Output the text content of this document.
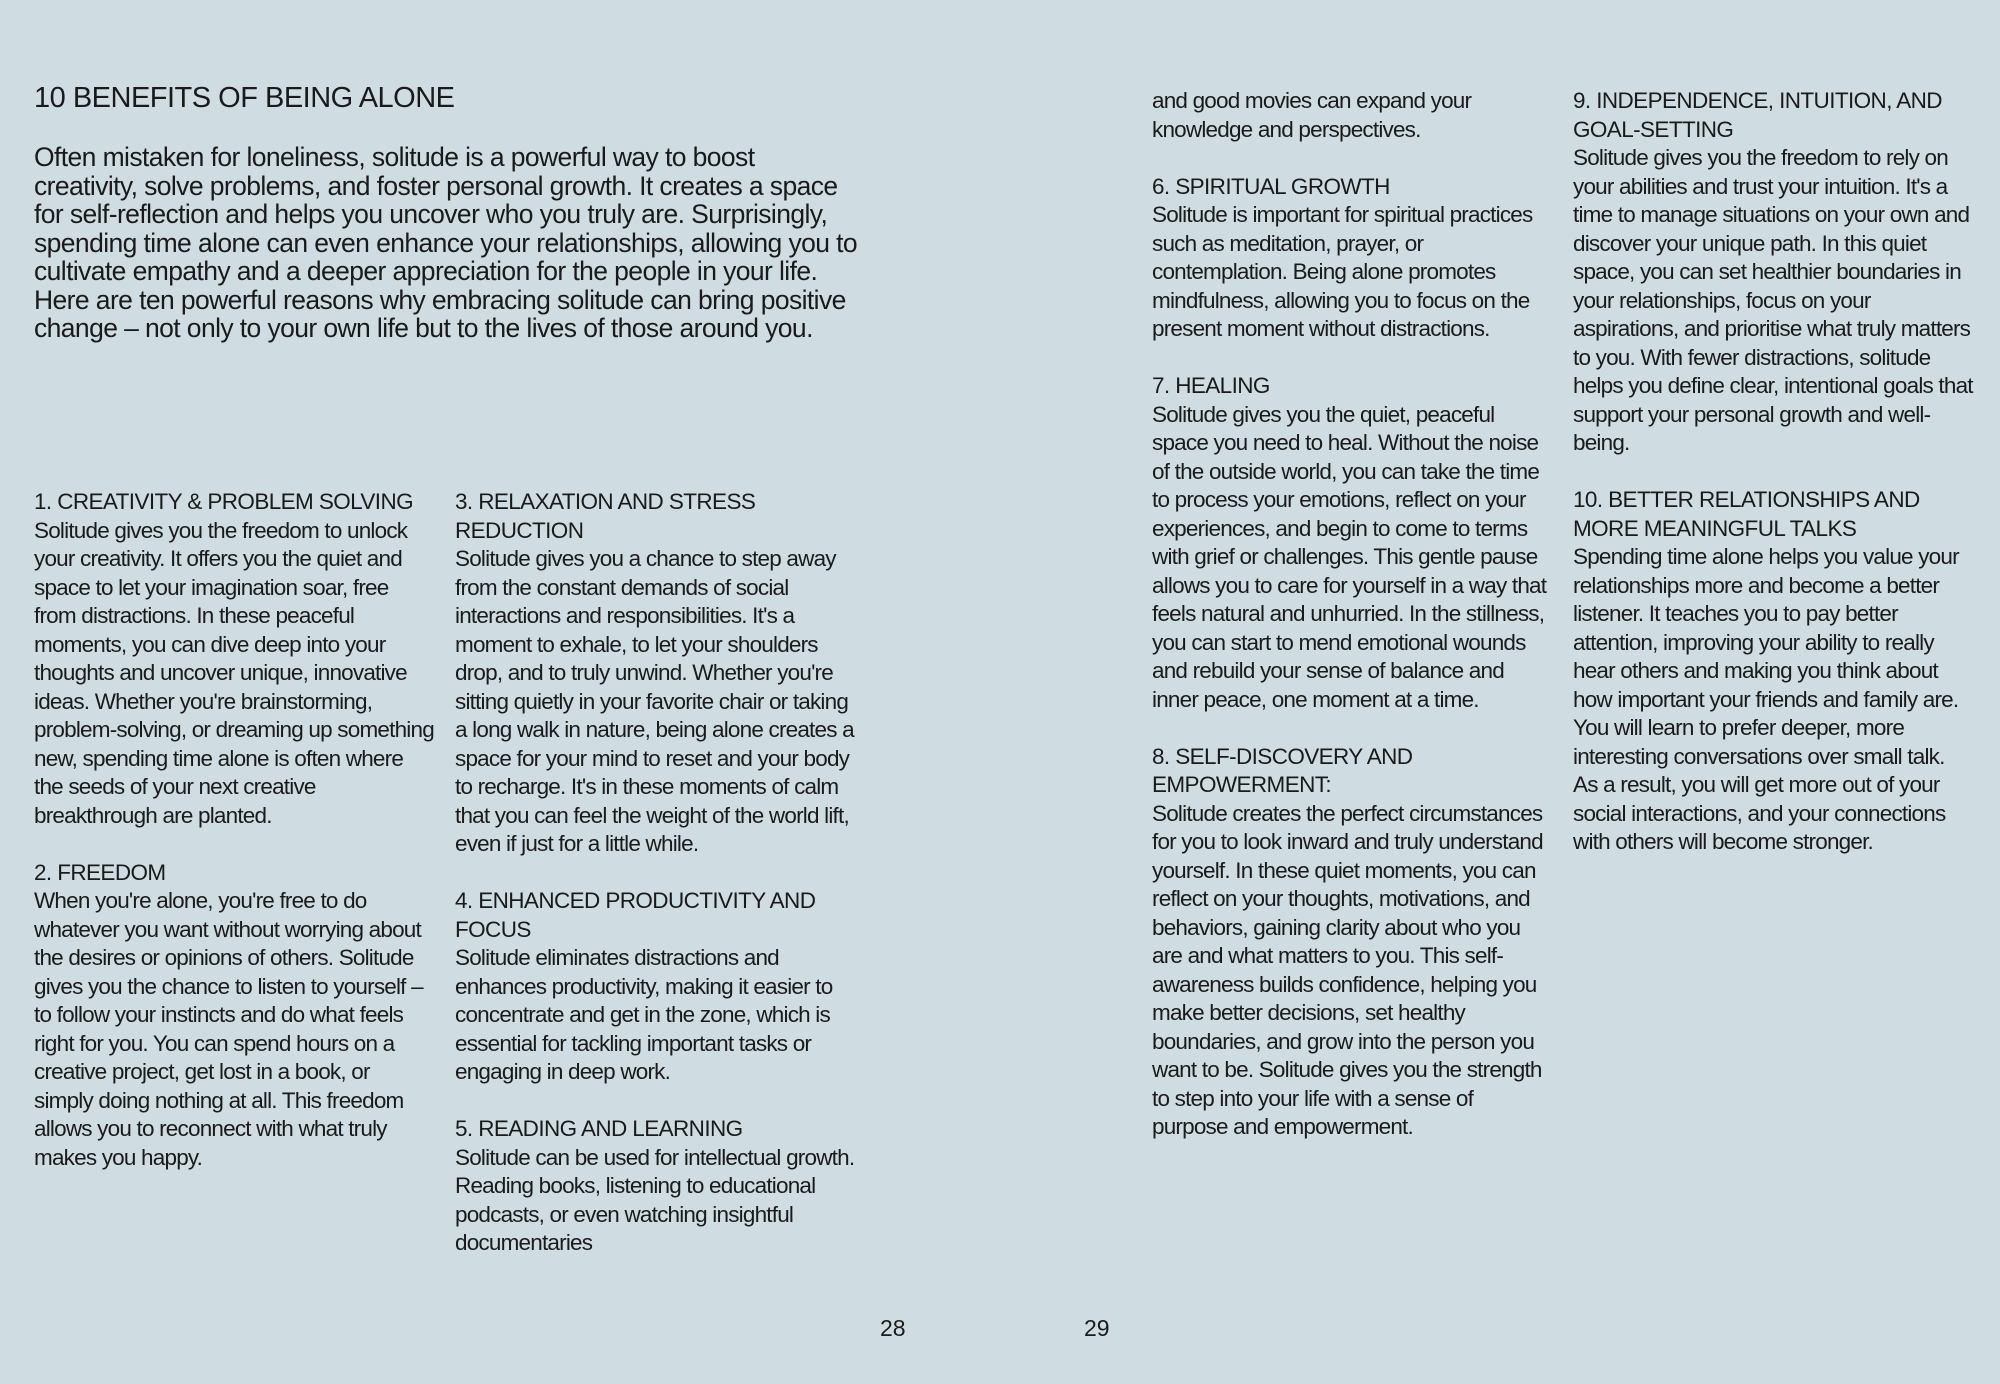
10 BENEFITS OF BEING ALONE

Often mistaken for loneliness, solitude is a powerful way to boost creativity, solve problems, and foster personal growth. It creates a space for self-reflection and helps you uncover who you truly are. Surprisingly, spending time alone can even enhance your relationships, allowing you to cultivate empathy and a deeper appreciation for the people in your life. Here are ten powerful reasons why embracing solitude can bring positive change – not only to your own life but to the lives of those around you.

1. CREATIVITY & PROBLEM SOLVING

Solitude gives you the freedom to unlock your creativity. It offers you the quiet and space to let your imagination soar, free from distractions. In these peaceful moments, you can dive deep into your thoughts and uncover unique, innovative ideas. Whether you're brainstorming, problem-solving, or dreaming up something new, spending time alone is often where the seeds of your next creative breakthrough are planted.

2. FREEDOM

When you're alone, you're free to do whatever you want without worrying about the desires or opinions of others. Solitude gives you the chance to listen to yourself – to follow your instincts and do what feels right for you. You can spend hours on a creative project, get lost in a book, or simply doing nothing at all. This freedom allows you to reconnect with what truly makes you happy.

3. RELAXATION AND STRESS REDUCTION

Solitude gives you a chance to step away from the constant demands of social interactions and responsibilities. It's a moment to exhale, to let your shoulders drop, and to truly unwind. Whether you're sitting quietly in your favorite chair or taking a long walk in nature, being alone creates a space for your mind to reset and your body to recharge. It's in these moments of calm that you can feel the weight of the world lift, even if just for a little while.

4. ENHANCED PRODUCTIVITY AND FOCUS

Solitude eliminates distractions and enhances productivity, making it easier to concentrate and get in the zone, which is essential for tackling important tasks or engaging in deep work.

5. READING AND LEARNING

Solitude can be used for intellectual growth. Reading books, listening to educational podcasts, or even watching insightful documentaries

and good movies can expand your knowledge and perspectives.

6. SPIRITUAL GROWTH

Solitude is important for spiritual practices such as meditation, prayer, or contemplation. Being alone promotes mindfulness, allowing you to focus on the present moment without distractions.

7. HEALING

Solitude gives you the quiet, peaceful space you need to heal. Without the noise of the outside world, you can take the time to process your emotions, reflect on your experiences, and begin to come to terms with grief or challenges. This gentle pause allows you to care for yourself in a way that feels natural and unhurried. In the stillness, you can start to mend emotional wounds and rebuild your sense of balance and inner peace, one moment at a time.

8. SELF-DISCOVERY AND EMPOWERMENT:

Solitude creates the perfect circumstances for you to look inward and truly understand yourself. In these quiet moments, you can reflect on your thoughts, motivations, and behaviors, gaining clarity about who you are and what matters to you. This self-awareness builds confidence, helping you make better decisions, set healthy boundaries, and grow into the person you want to be. Solitude gives you the strength to step into your life with a sense of purpose and empowerment.

9. INDEPENDENCE, INTUITION, AND GOAL-SETTING

Solitude gives you the freedom to rely on your abilities and trust your intuition. It's a time to manage situations on your own and discover your unique path. In this quiet space, you can set healthier boundaries in your relationships, focus on your aspirations, and prioritise what truly matters to you. With fewer distractions, solitude helps you define clear, intentional goals that support your personal growth and well-being.

10. BETTER RELATIONSHIPS AND MORE MEANINGFUL TALKS

Spending time alone helps you value your relationships more and become a better listener. It teaches you to pay better attention, improving your ability to really hear others and making you think about how important your friends and family are. You will learn to prefer deeper, more interesting conversations over small talk. As a result, you will get more out of your social interactions, and your connections with others will become stronger.

28	29
